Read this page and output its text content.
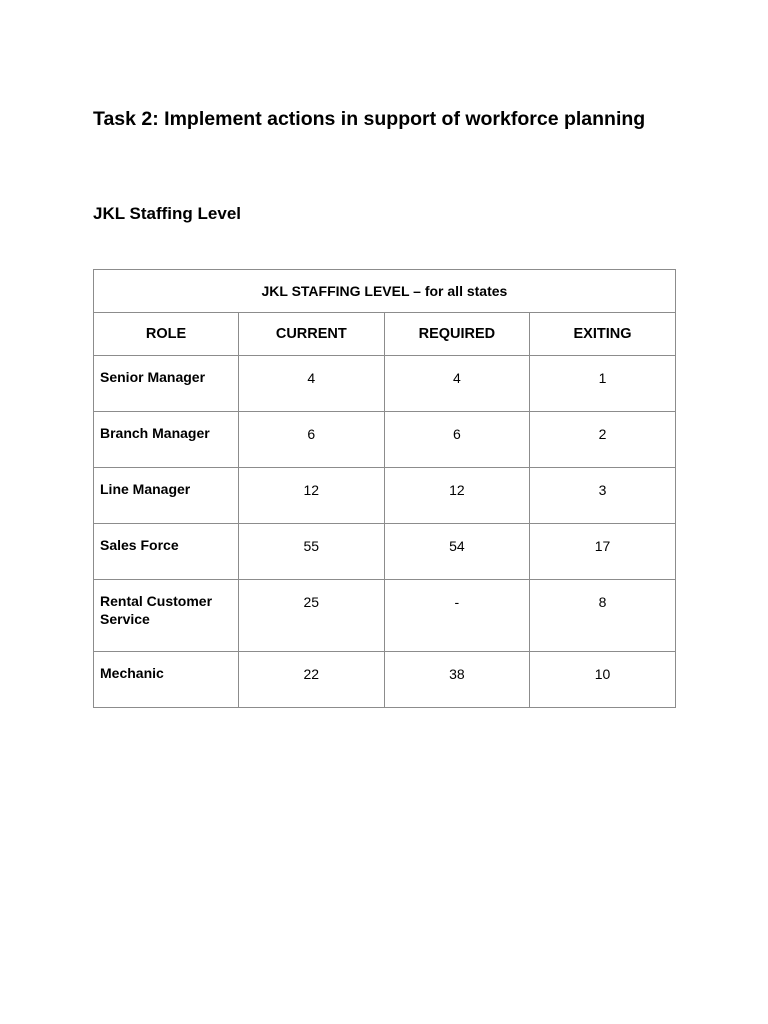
Task 2: Implement actions in support of workforce planning
JKL Staffing Level
JKL STAFFING LEVEL – for all states			
ROLE	CURRENT	REQUIRED	EXITING
Senior Manager	4	4	1
Branch Manager	6	6	2
Line Manager	12	12	3
Sales Force	55	54	17
Rental Customer Service	25	-	8
Mechanic	22	38	10
